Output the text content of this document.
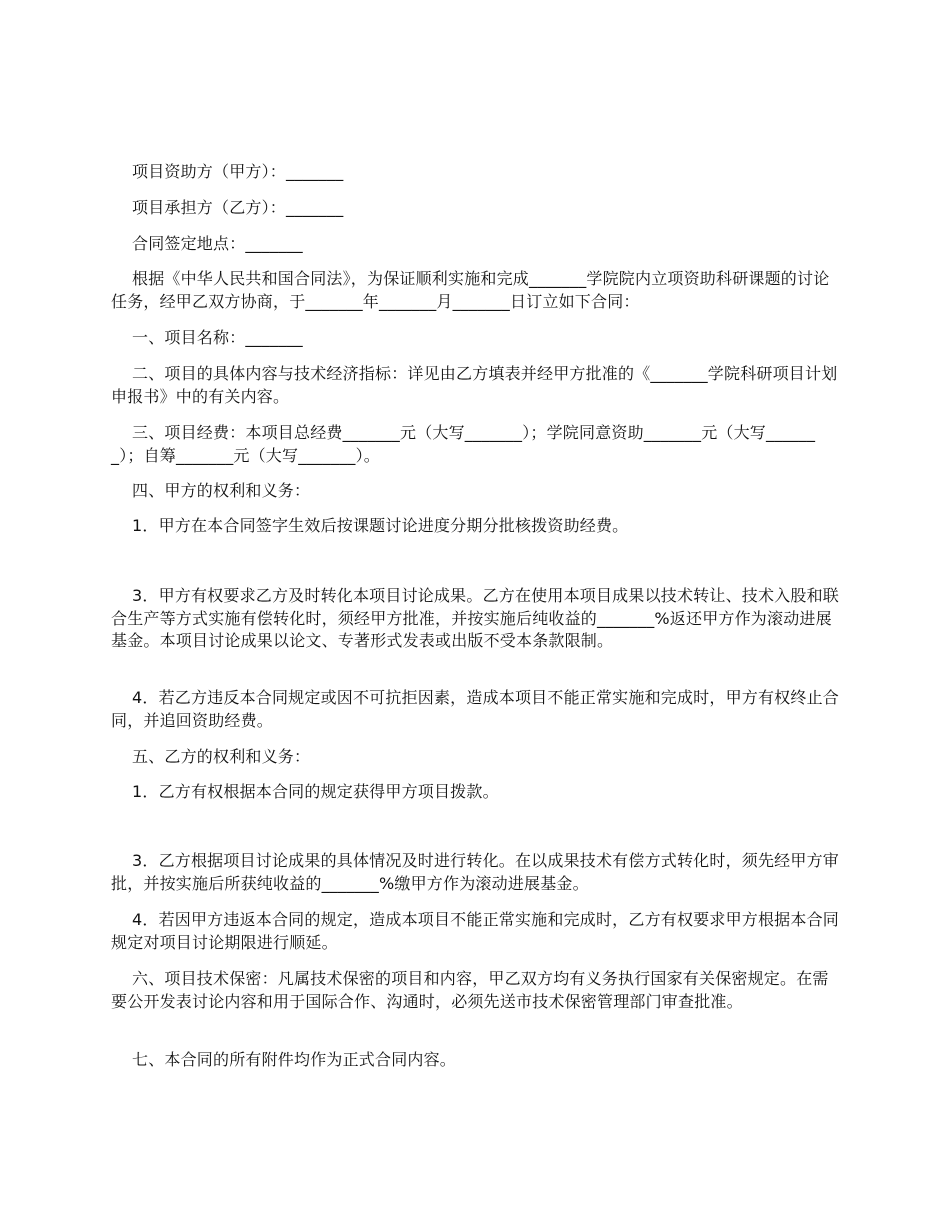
项目资助方（甲方）：_______

项目承担方（乙方）：_______

合同签定地点：_______

根据《中华人民共和国合同法》，为保证顺利实施和完成_______学院院内立项资助科研课题的讨论任务，经甲乙双方协商，于_______年_______月_______日订立如下合同：

一、项目名称：_______

二、项目的具体内容与技术经济指标：详见由乙方填表并经甲方批准的《_______学院科研项目计划申报书》中的有关内容。

三、项目经费：本项目总经费_______元（大写_______）；学院同意资助_______元（大写_______）；自筹_______元（大写_______）。

四、甲方的权利和义务：

1．甲方在本合同签字生效后按课题讨论进度分期分批核拨资助经费。

3．甲方有权要求乙方及时转化本项目讨论成果。乙方在使用本项目成果以技术转让、技术入股和联合生产等方式实施有偿转化时，须经甲方批准，并按实施后纯收益的_______%返还甲方作为滚动进展基金。本项目讨论成果以论文、专著形式发表或出版不受本条款限制。

4．若乙方违反本合同规定或因不可抗拒因素，造成本项目不能正常实施和完成时，甲方有权终止合同，并追回资助经费。

五、乙方的权利和义务：

1．乙方有权根据本合同的规定获得甲方项目拨款。

3．乙方根据项目讨论成果的具体情况及时进行转化。在以成果技术有偿方式转化时，须先经甲方审批，并按实施后所获纯收益的_______%缴甲方作为滚动进展基金。

4．若因甲方违返本合同的规定，造成本项目不能正常实施和完成时，乙方有权要求甲方根据本合同规定对项目讨论期限进行顺延。

六、项目技术保密：凡属技术保密的项目和内容，甲乙双方均有义务执行国家有关保密规定。在需要公开发表讨论内容和用于国际合作、沟通时，必须先送市技术保密管理部门审查批准。

七、本合同的所有附件均作为正式合同内容。
